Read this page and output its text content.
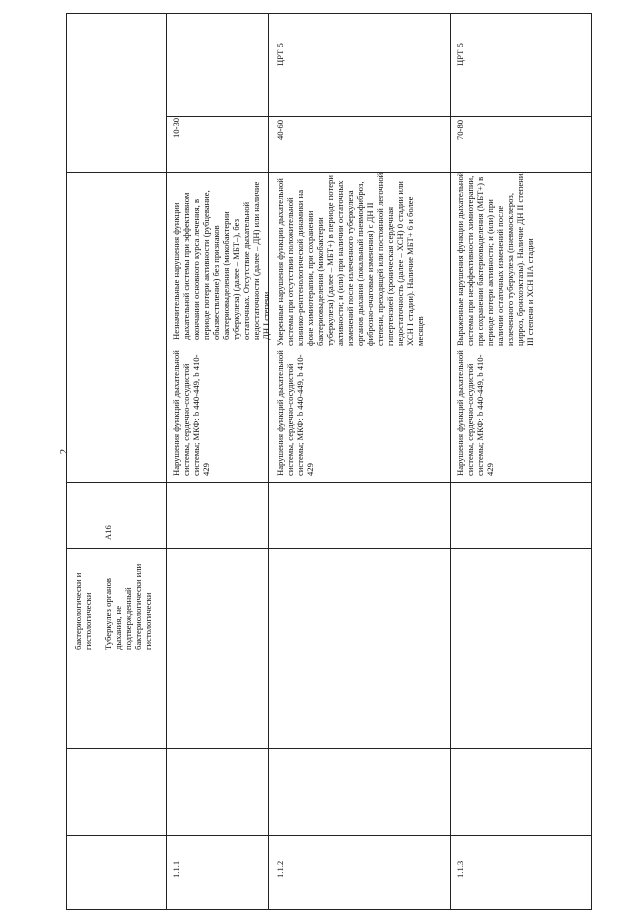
2
бактериологически и гистологически Туберкулез органов дыхания, не подтвержденный бактериологически или гистологически
A16
1.1.1
Нарушения функций дыхательной системы, сердечно-сосудистой системы; МКФ: b 440-449, b 410-429
Незначительные нарушения функции дыхательной системы при эффективном окончании основного курса лечения, в периоде потери активности (рубцевание, обызвествление) без признаков бактериовыделения (микобактерии туберкулеза) (далее – МБТ–), без остаточных. Отсутствие дыхательной недостаточности (далее – ДН) или наличие ДН I степени
10-30
1.1.2
Нарушения функций дыхательной системы, сердечно-сосудистой системы; МКФ: b 440-449, b 410-429
Умеренные нарушения функции дыхательной системы при отсутствии положительной клинико-рентгенологической динамики на фоне химиотерапии, при сохранении бактериовыделения (микобактерии туберкулеза) (далее – МБТ+) в периоде потери активности; и (или) при наличии остаточных изменений после излеченного туберкулеза органов дыхания (локальный пневмофиброз, фиброзно-очаговые изменения) с ДН II степени, преходящей или постоянной легочной гипертензией (хроническая сердечная недостаточность (далее – ХСН) 0 стадии или ХСН I стадии). Наличие МБТ+ 6 и более месяцев
40-60
ЦРТ 5
1.1.3
Нарушения функций дыхательной системы, сердечно-сосудистой системы; МКФ: b 440-449, b 410-429
Выраженные нарушения функции дыхательной системы при неэффективности химиотерапии, при сохранении бактериовыделения (МБТ+) в периоде потери активности; и (или) при наличии остаточных изменений после излеченного туберкулеза (пневмосклероз, цирроз, бронхоэктазы). Наличие ДН II степени, III степени и ХСН IIА стадии
70-80
ЦРТ 5
